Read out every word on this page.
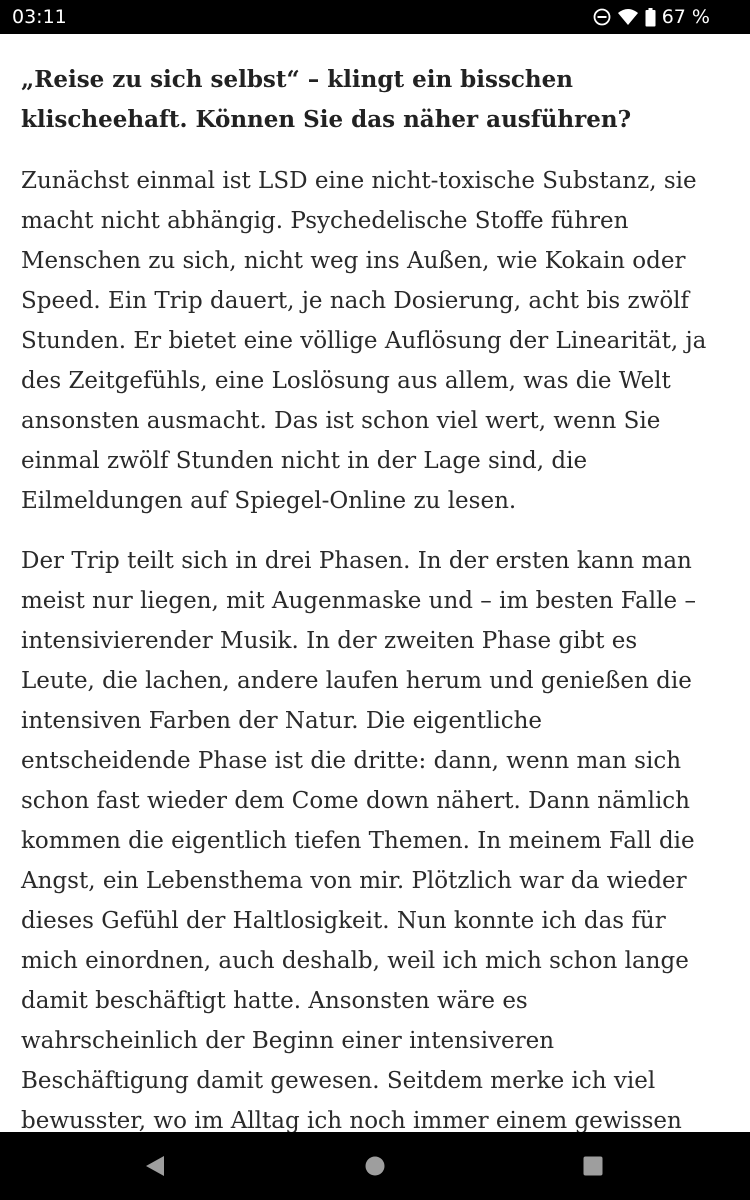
03:11	67 %
„Reise zu sich selbst“ – klingt ein bisschen klischeehaft. Können Sie das näher ausführen?
Zunächst einmal ist LSD eine nicht-toxische Substanz, sie
macht nicht abhängig. Psychedelische Stoffe führen
Menschen zu sich, nicht weg ins Außen, wie Kokain oder
Speed. Ein Trip dauert, je nach Dosierung, acht bis zwölf
Stunden. Er bietet eine völlige Auflösung der Linearität, ja
des Zeitgefühls, eine Loslösung aus allem, was die Welt
ansonsten ausmacht. Das ist schon viel wert, wenn Sie
einmal zwölf Stunden nicht in der Lage sind, die
Eilmeldungen auf Spiegel-Online zu lesen.
Der Trip teilt sich in drei Phasen. In der ersten kann man
meist nur liegen, mit Augenmaske und – im besten Falle –
intensivierender Musik. In der zweiten Phase gibt es
Leute, die lachen, andere laufen herum und genießen die
intensiven Farben der Natur. Die eigentliche
entscheidende Phase ist die dritte: dann, wenn man sich
schon fast wieder dem Come down nähert. Dann nämlich
kommen die eigentlich tiefen Themen. In meinem Fall die
Angst, ein Lebensthema von mir. Plötzlich war da wieder
dieses Gefühl der Haltlosigkeit. Nun konnte ich das für
mich einordnen, auch deshalb, weil ich mich schon lange
damit beschäftigt hatte. Ansonsten wäre es
wahrscheinlich der Beginn einer intensiveren
Beschäftigung damit gewesen. Seitdem merke ich viel
bewusster, wo im Alltag ich noch immer einem gewissen
